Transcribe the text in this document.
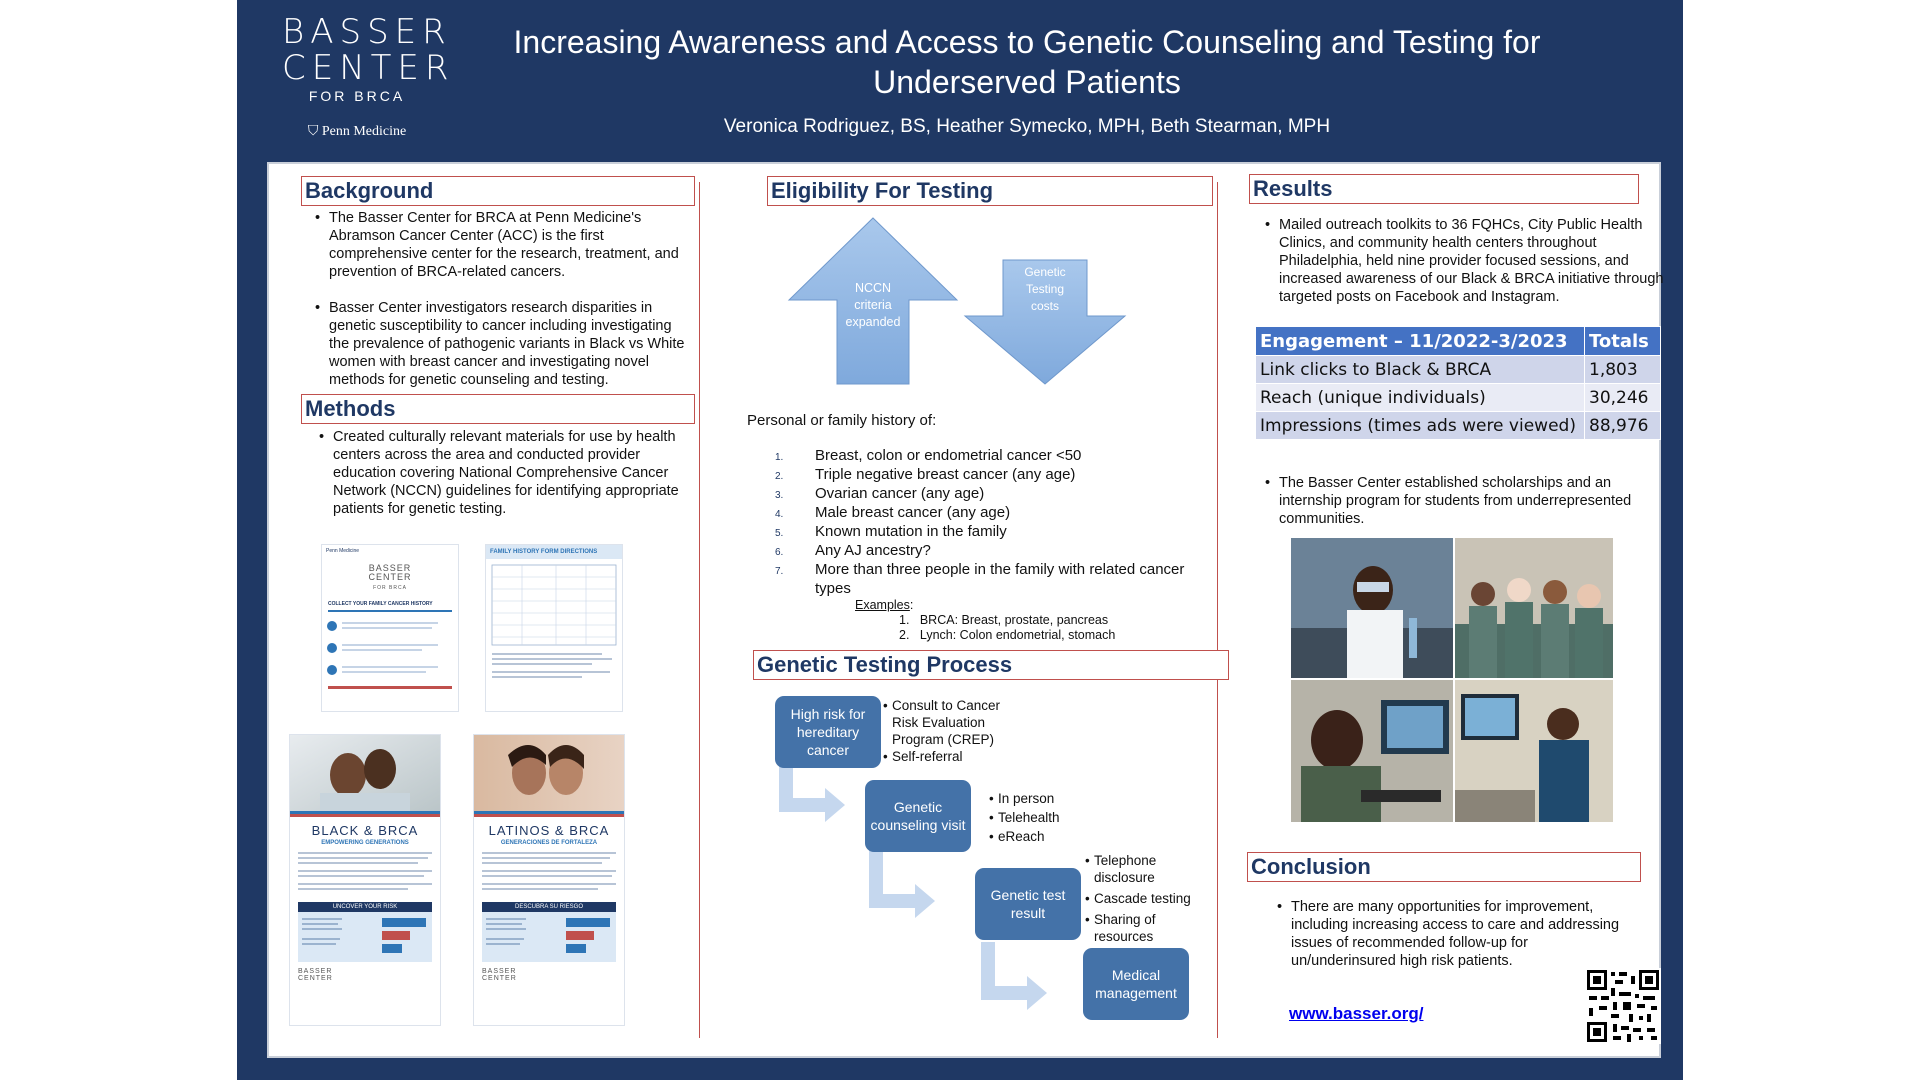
BASSER
CENTER
FOR BRCA
⛉ Penn Medicine
Increasing Awareness and Access to Genetic Counseling and Testing for Underserved Patients
Veronica Rodriguez, BS, Heather Symecko, MPH, Beth Stearman, MPH
Background
• The Basser Center for BRCA at Penn Medicine's Abramson Cancer Center (ACC) is the first comprehensive center for the research, treatment, and prevention of BRCA-related cancers.
• Basser Center investigators research disparities in genetic susceptibility to cancer including investigating the prevalence of pathogenic variants in Black vs White women with breast cancer and investigating novel methods for genetic counseling and testing.
Methods
• Created culturally relevant materials for use by health centers across the area and conducted provider education covering National Comprehensive Cancer Network (NCCN) guidelines for identifying appropriate patients for genetic testing.
Penn Medicine
BASSER
CENTER
FOR BRCA
COLLECT YOUR FAMILY CANCER HISTORY
FAMILY HISTORY FORM DIRECTIONS
BLACK & BRCA
EMPOWERING GENERATIONS
UNCOVER YOUR RISK
BASSER
CENTER
LATINOS & BRCA
GENERACIONES DE FORTALEZA
DESCUBRA SU RIESGO
BASSER
CENTER
Eligibility For Testing
NCCN criteria expanded
Genetic Testing costs
Personal or family history of:
1. Breast, colon or endometrial cancer <50
2. Triple negative breast cancer (any age)
3. Ovarian cancer (any age)
4. Male breast cancer (any age)
5. Known mutation in the family
6. Any AJ ancestry?
7. More than three people in the family with related cancer types
Examples:
1.   BRCA: Breast, prostate, pancreas
2.   Lynch: Colon endometrial, stomach
Genetic Testing Process
High risk for hereditary cancer
• Consult to Cancer Risk Evaluation Program (CREP)
• Self-referral
Genetic counseling visit
• In person
• Telehealth
• eReach
Genetic test result
• Telephone disclosure
• Cascade testing
• Sharing of resources
Medical management
Results
• Mailed outreach toolkits to 36 FQHCs, City Public Health Clinics, and community health centers throughout Philadelphia, held nine provider focused sessions, and increased awareness of our Black & BRCA initiative through targeted posts on Facebook and Instagram.
Engagement – 11/2022-3/2023	Totals
Link clicks to Black & BRCA	1,803
Reach (unique individuals)	30,246
Impressions (times ads were viewed)	88,976
• The Basser Center established scholarships and an internship program for students from underrepresented communities.
Conclusion
• There are many opportunities for improvement, including increasing access to care and addressing issues of recommended follow-up for un/underinsured high risk patients.
www.basser.org/
